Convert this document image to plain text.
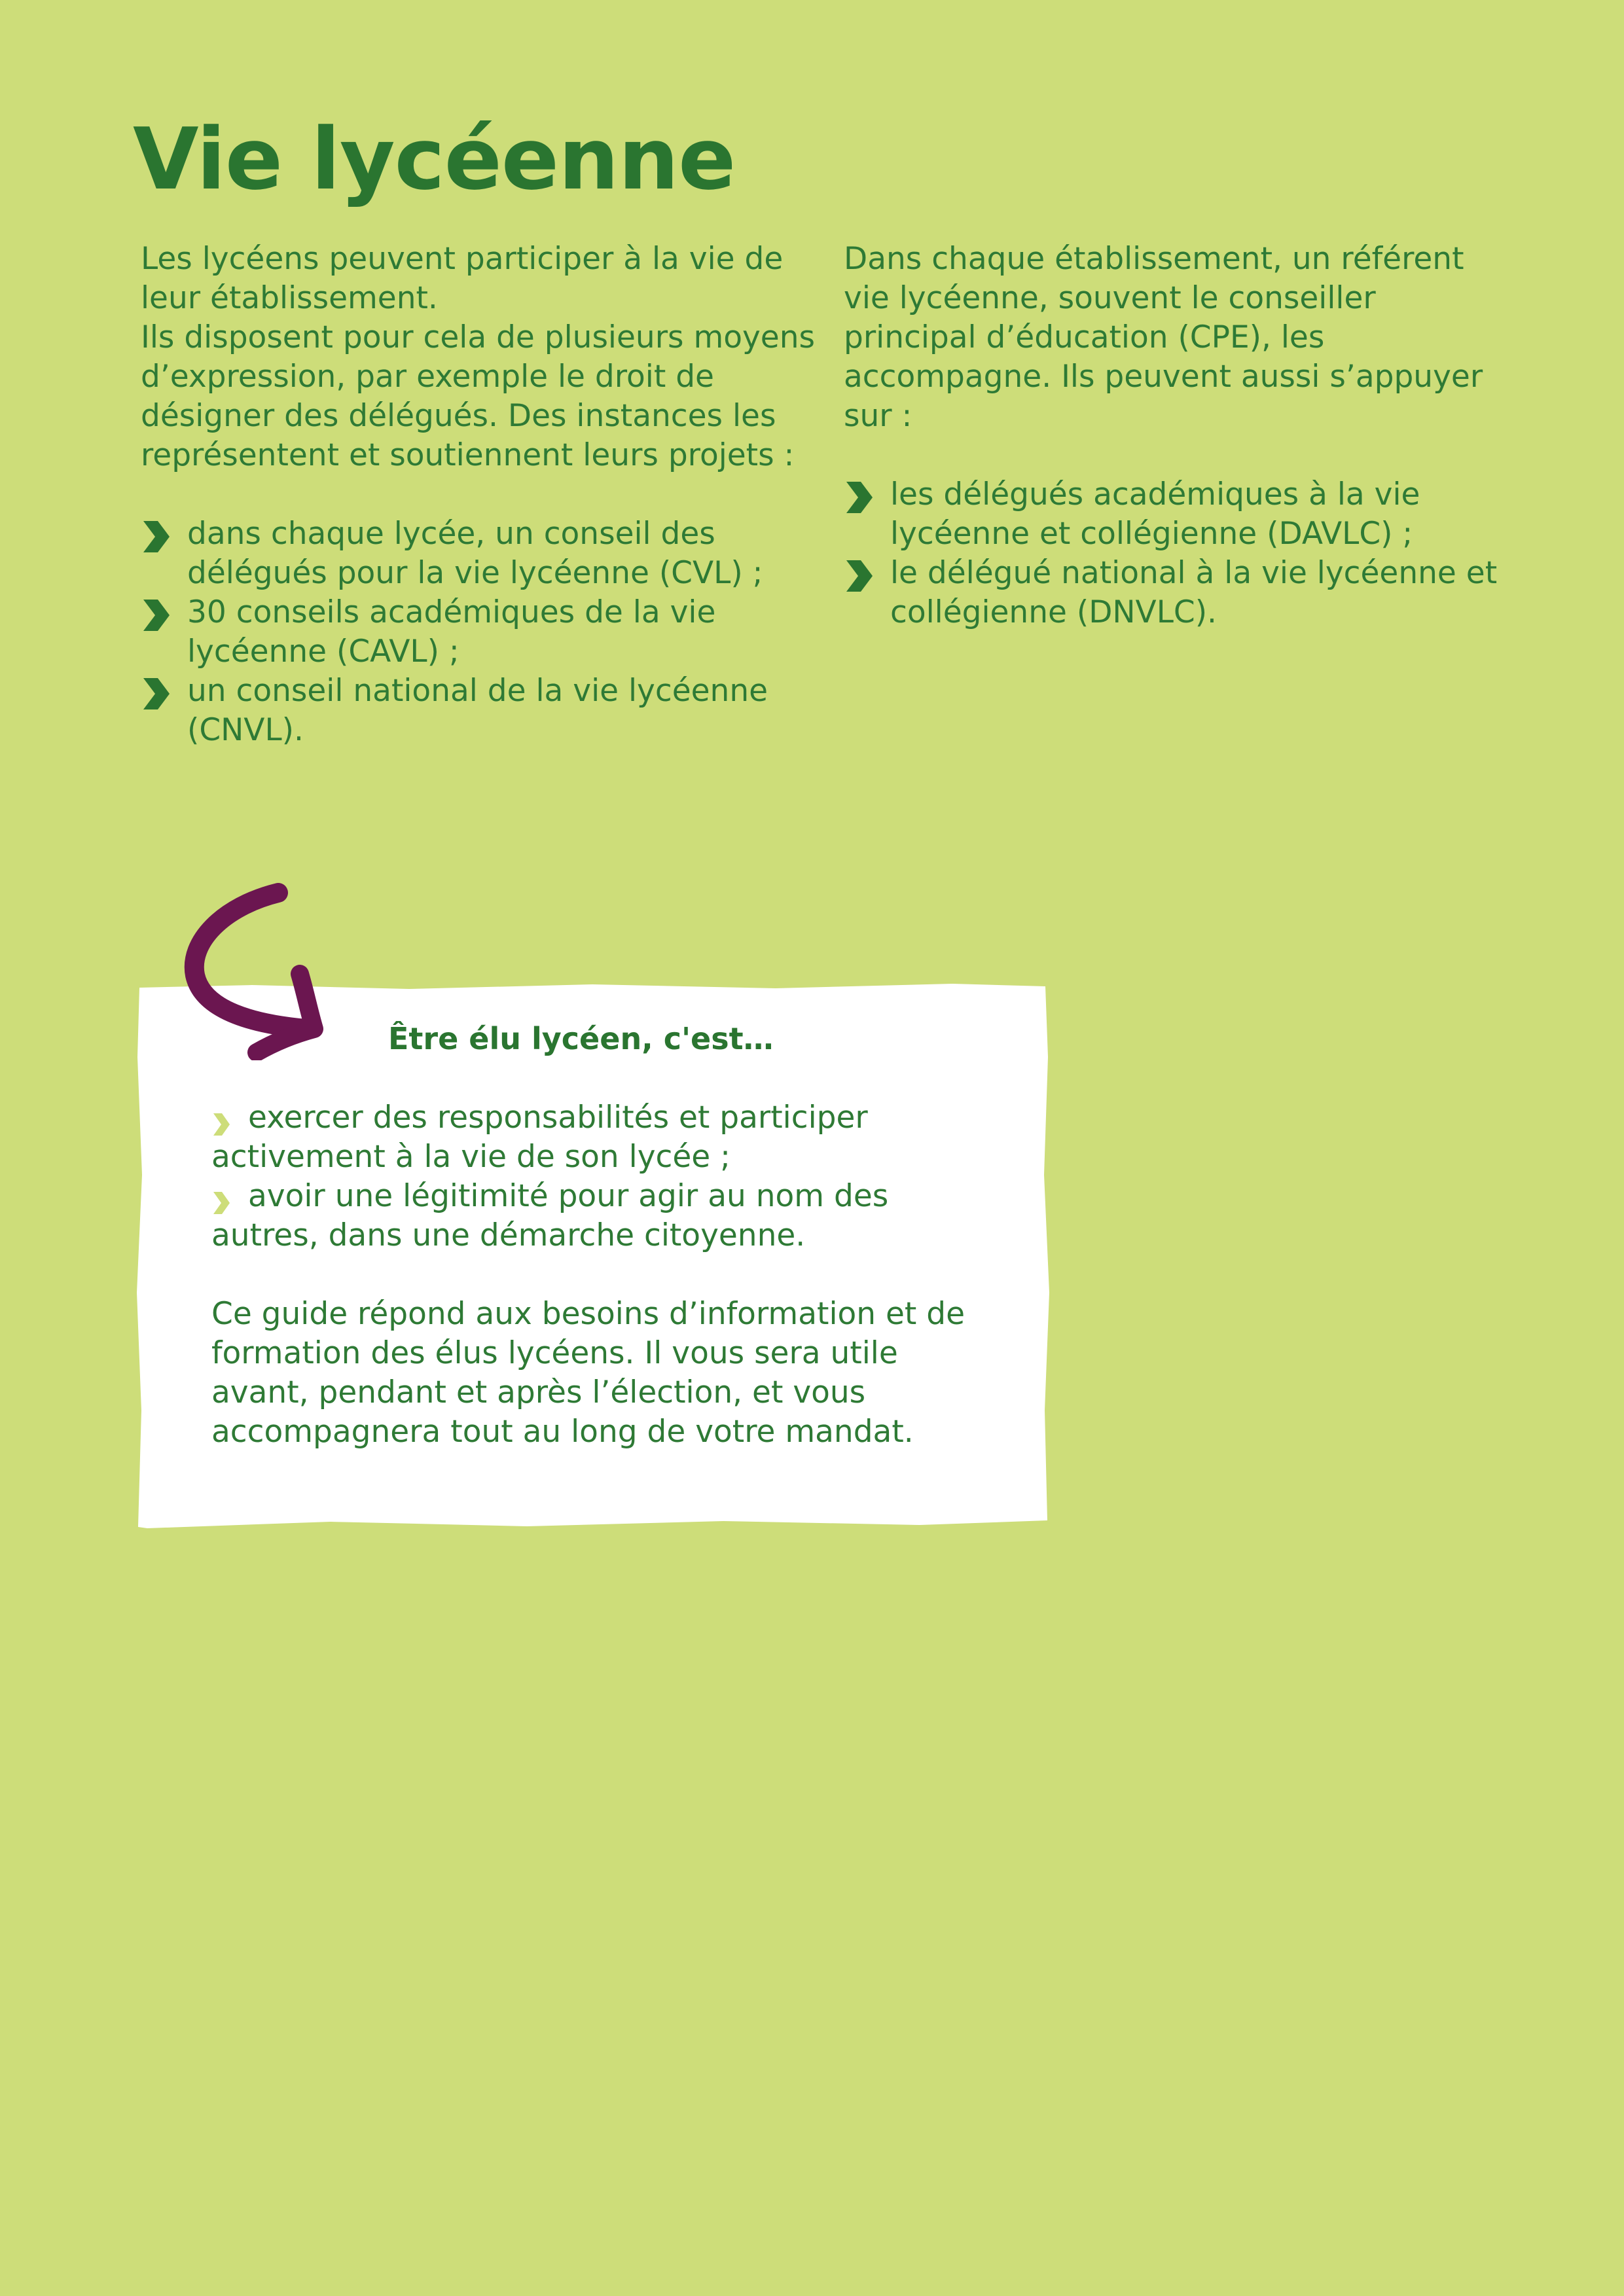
Vie lycéenne

Les lycéens peuvent participer à la vie de leur établissement.

Ils disposent pour cela de plusieurs moyens d’expression, par exemple le droit de désigner des délégués. Des instances les représentent et soutiennent leurs projets :

dans chaque lycée, un conseil des délégués pour la vie lycéenne (CVL) ;
30 conseils académiques de la vie lycéenne (CAVL) ;
un conseil national de la vie lycéenne (CNVL).

Dans chaque établissement, un référent vie lycéenne, souvent le conseiller principal d’éducation (CPE), les accompagne. Ils peuvent aussi s’appuyer sur :

les délégués académiques à la vie lycéenne et collégienne (DAVLC) ;
le délégué national à la vie lycéenne et collégienne (DNVLC).
Être élu lycéen, c'est…
exercer des responsabilités et participer activement à la vie de son lycée ;
avoir une légitimité pour agir au nom des autres, dans une démarche citoyenne.

Ce guide répond aux besoins d’information et de formation des élus lycéens. Il vous sera utile avant, pendant et après l’élection, et vous accompagnera tout au long de votre mandat.
